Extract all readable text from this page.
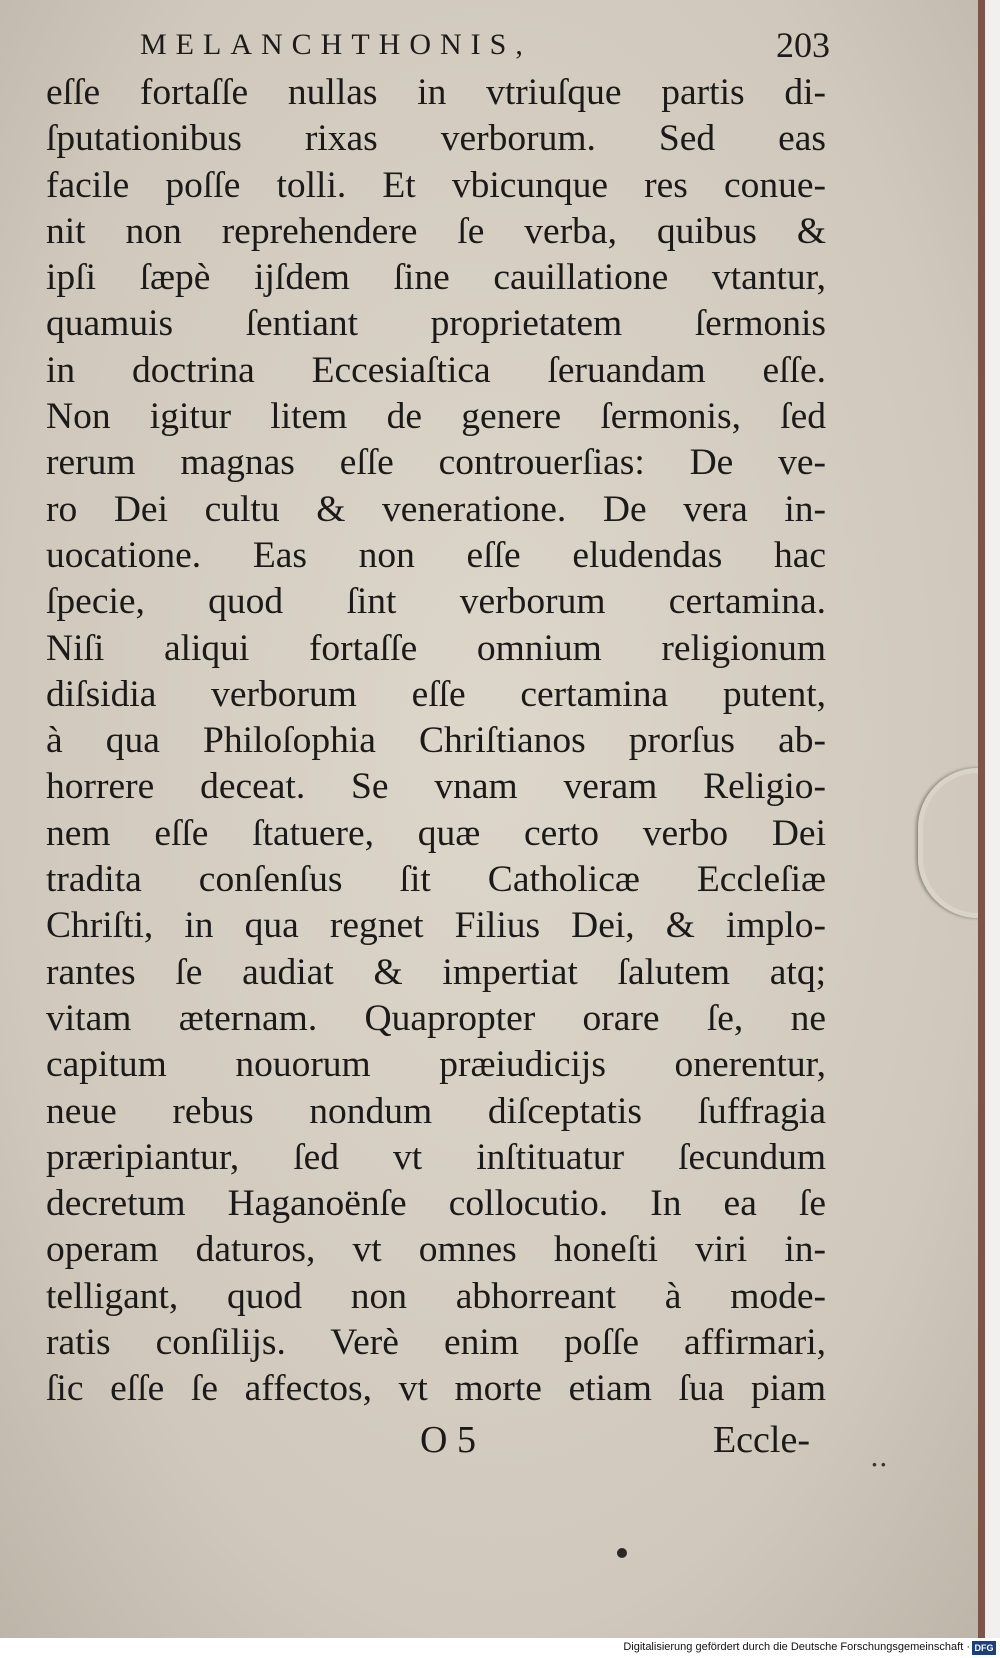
MELANCHTHONIS,	203
eſſe fortaſſe nullas in vtriuſque partis di-
ſputationibus rixas verborum. Sed eas
facile poſſe tolli. Et vbicunque res conue-
nit non reprehendere ſe verba, quibus &
ipſi ſæpè ijſdem ſine cauillatione vtantur,
quamuis ſentiant proprietatem ſermonis
in doctrina Eccesiaſtica ſeruandam eſſe.
Non igitur litem de genere ſermonis, ſed
rerum magnas eſſe controuerſias: De ve-
ro Dei cultu & veneratione. De vera in-
uocatione. Eas non eſſe eludendas hac
ſpecie, quod ſint verborum certamina.
Niſi aliqui fortaſſe omnium religionum
diſsidia verborum eſſe certamina putent,
à qua Philoſophia Chriſtianos prorſus ab-
horrere deceat. Se vnam veram Religio-
nem eſſe ſtatuere, quæ certo verbo Dei
tradita conſenſus ſit Catholicæ Eccleſiæ
Chriſti, in qua regnet Filius Dei, & implo-
rantes ſe audiat & impertiat ſalutem atq;
vitam æternam. Quapropter orare ſe, ne
capitum nouorum præiudicijs onerentur,
neue rebus nondum diſceptatis ſuffragia
præripiantur, ſed vt inſtituatur ſecundum
decretum Haganoënſe collocutio. In ea ſe
operam daturos, vt omnes honeſti viri in-
telligant, quod non abhorreant à mode-
ratis conſilijs. Verè enim poſſe affirmari,
ſic eſſe ſe affectos, vt morte etiam ſua piam
O 5	Eccle- ..
Digitalisierung gefördert durch die Deutsche Forschungsgemeinschaft · DFG
